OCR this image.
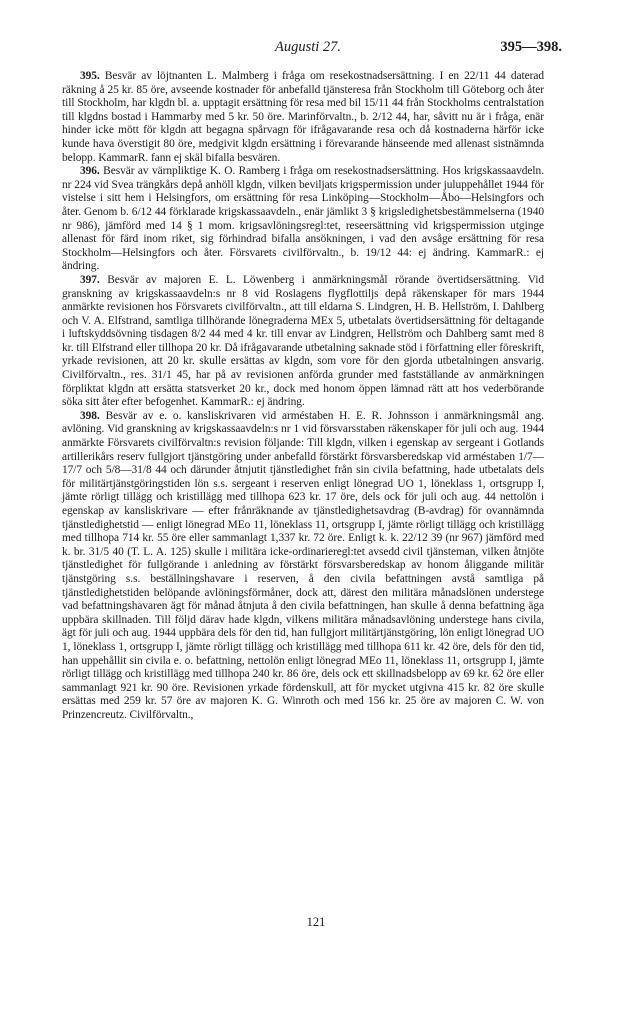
Augusti 27.	395—398.

395. Besvär av löjtnanten L. Malmberg i fråga om resekostnadsersättning. I en 22/11 44 daterad räkning å 25 kr. 85 öre, avseende kostnader för anbefalld tjänsteresa från Stockholm till Göteborg och åter till Stockholm, har klgdn bl. a. upptagit ersättning för resa med bil 15/11 44 från Stockholms centralstation till klgdns bostad i Hammarby med 5 kr. 50 öre. Marinförvaltn., b. 2/12 44, har, såvitt nu är i fråga, enär hinder icke mött för klgdn att begagna spårvagn för ifrågavarande resa och då kostnaderna härför icke kunde hava överstigit 80 öre, medgivit klgdn ersättning i förevarande hänseende med allenast sistnämnda belopp. KammarR. fann ej skäl bifalla besvären.

396. Besvär av värnpliktige K. O. Ramberg i fråga om resekostnadsersättning. Hos krigskassaavdeln. nr 224 vid Svea trängkårs depå anhöll klgdn, vilken beviljats krigspermission under juluppehållet 1944 för vistelse i sitt hem i Helsingfors, om ersättning för resa Linköping—Stockholm—Åbo—Helsingfors och åter. Genom b. 6/12 44 förklarade krigskassaavdeln., enär jämlikt 3 § krigsledighetsbestämmelserna (1940 nr 986), jämförd med 14 § 1 mom. krigsavlöningsregl:tet, reseersättning vid krigspermission utginge allenast för färd inom riket, sig förhindrad bifalla ansökningen, i vad den avsåge ersättning för resa Stockholm—Helsingfors och åter. Försvarets civilförvaltn., b. 19/12 44: ej ändring. KammarR.: ej ändring.

397. Besvär av majoren E. L. Löwenberg i anmärkningsmål rörande övertidsersättning. Vid granskning av krigskassaavdeln:s nr 8 vid Roslagens flygflottiljs depå räkenskaper för mars 1944 anmärkte revisionen hos Försvarets civilförvaltn., att till eldarna S. Lindgren, H. B. Hellström, I. Dahlberg och V. A. Elfstrand, samtliga tillhörande lönegraderna MEx 5, utbetalats övertidsersättning för deltagande i luftskyddsövning tisdagen 8/2 44 med 4 kr. till envar av Lindgren, Hellström och Dahlberg samt med 8 kr. till Elfstrand eller tillhopa 20 kr. Då ifrågavarande utbetalning saknade stöd i författning eller föreskrift, yrkade revisionen, att 20 kr. skulle ersättas av klgdn, som vore för den gjorda utbetalningen ansvarig. Civilförvaltn., res. 31/1 45, har på av revisionen anförda grunder med fastställande av anmärkningen förpliktat klgdn att ersätta statsverket 20 kr., dock med honom öppen lämnad rätt att hos vederbörande söka sitt åter efter befogenhet. KammarR.: ej ändring.

398. Besvär av e. o. kansliskrivaren vid arméstaben H. E. R. Johnsson i anmärkningsmål ang. avlöning. Vid granskning av krigskassaavdeln:s nr 1 vid försvarsstaben räkenskaper för juli och aug. 1944 anmärkte Försvarets civilförvaltn:s revision följande: Till klgdn, vilken i egenskap av sergeant i Gotlands artillerikårs reserv fullgjort tjänstgöring under anbefalld förstärkt försvarsberedskap vid arméstaben 1/7—17/7 och 5/8—31/8 44 och därunder åtnjutit tjänstledighet från sin civila befattning, hade utbetalats dels för militärtjänstgöringstiden lön s.s. sergeant i reserven enligt lönegrad UO 1, löneklass 1, ortsgrupp I, jämte rörligt tillägg och kristillägg med tillhopa 623 kr. 17 öre, dels ock för juli och aug. 44 nettolön i egenskap av kansliskrivare — efter frånräknande av tjänstledighetsavdrag (B-avdrag) för ovannämnda tjänstledighetstid — enligt lönegrad MEo 11, löneklass 11, ortsgrupp I, jämte rörligt tillägg och kristillägg med tillhopa 714 kr. 55 öre eller sammanlagt 1,337 kr. 72 öre. Enligt k. k. 22/12 39 (nr 967) jämförd med k. br. 31/5 40 (T. L. A. 125) skulle i militära icke-ordinarieregl:tet avsedd civil tjänsteman, vilken åtnjöte tjänstledighet för fullgörande i anledning av förstärkt försvarsberedskap av honom åliggande militär tjänstgöring s.s. beställningshavare i reserven, å den civila befattningen avstå samtliga på tjänstledighetstiden belöpande avlöningsförmåner, dock att, därest den militära månadslönen understege vad befattningshavaren ägt för månad åtnjuta å den civila befattningen, han skulle å denna befattning äga uppbära skillnaden. Till följd därav hade klgdn, vilkens militära månadsavlöning understege hans civila, ägt för juli och aug. 1944 uppbära dels för den tid, han fullgjort militärtjänstgöring, lön enligt lönegrad UO 1, löneklass 1, ortsgrupp I, jämte rörligt tillägg och kristillägg med tillhopa 611 kr. 42 öre, dels för den tid, han uppehållit sin civila e. o. befattning, nettolön enligt lönegrad MEo 11, löneklass 11, ortsgrupp I, jämte rörligt tillägg och kristillägg med tillhopa 240 kr. 86 öre, dels ock ett skillnadsbelopp av 69 kr. 62 öre eller sammanlagt 921 kr. 90 öre. Revisionen yrkade fördenskull, att för mycket utgivna 415 kr. 82 öre skulle ersättas med 259 kr. 57 öre av majoren K. G. Winroth och med 156 kr. 25 öre av majoren C. W. von Prinzencreutz. Civilförvaltn.,

121
